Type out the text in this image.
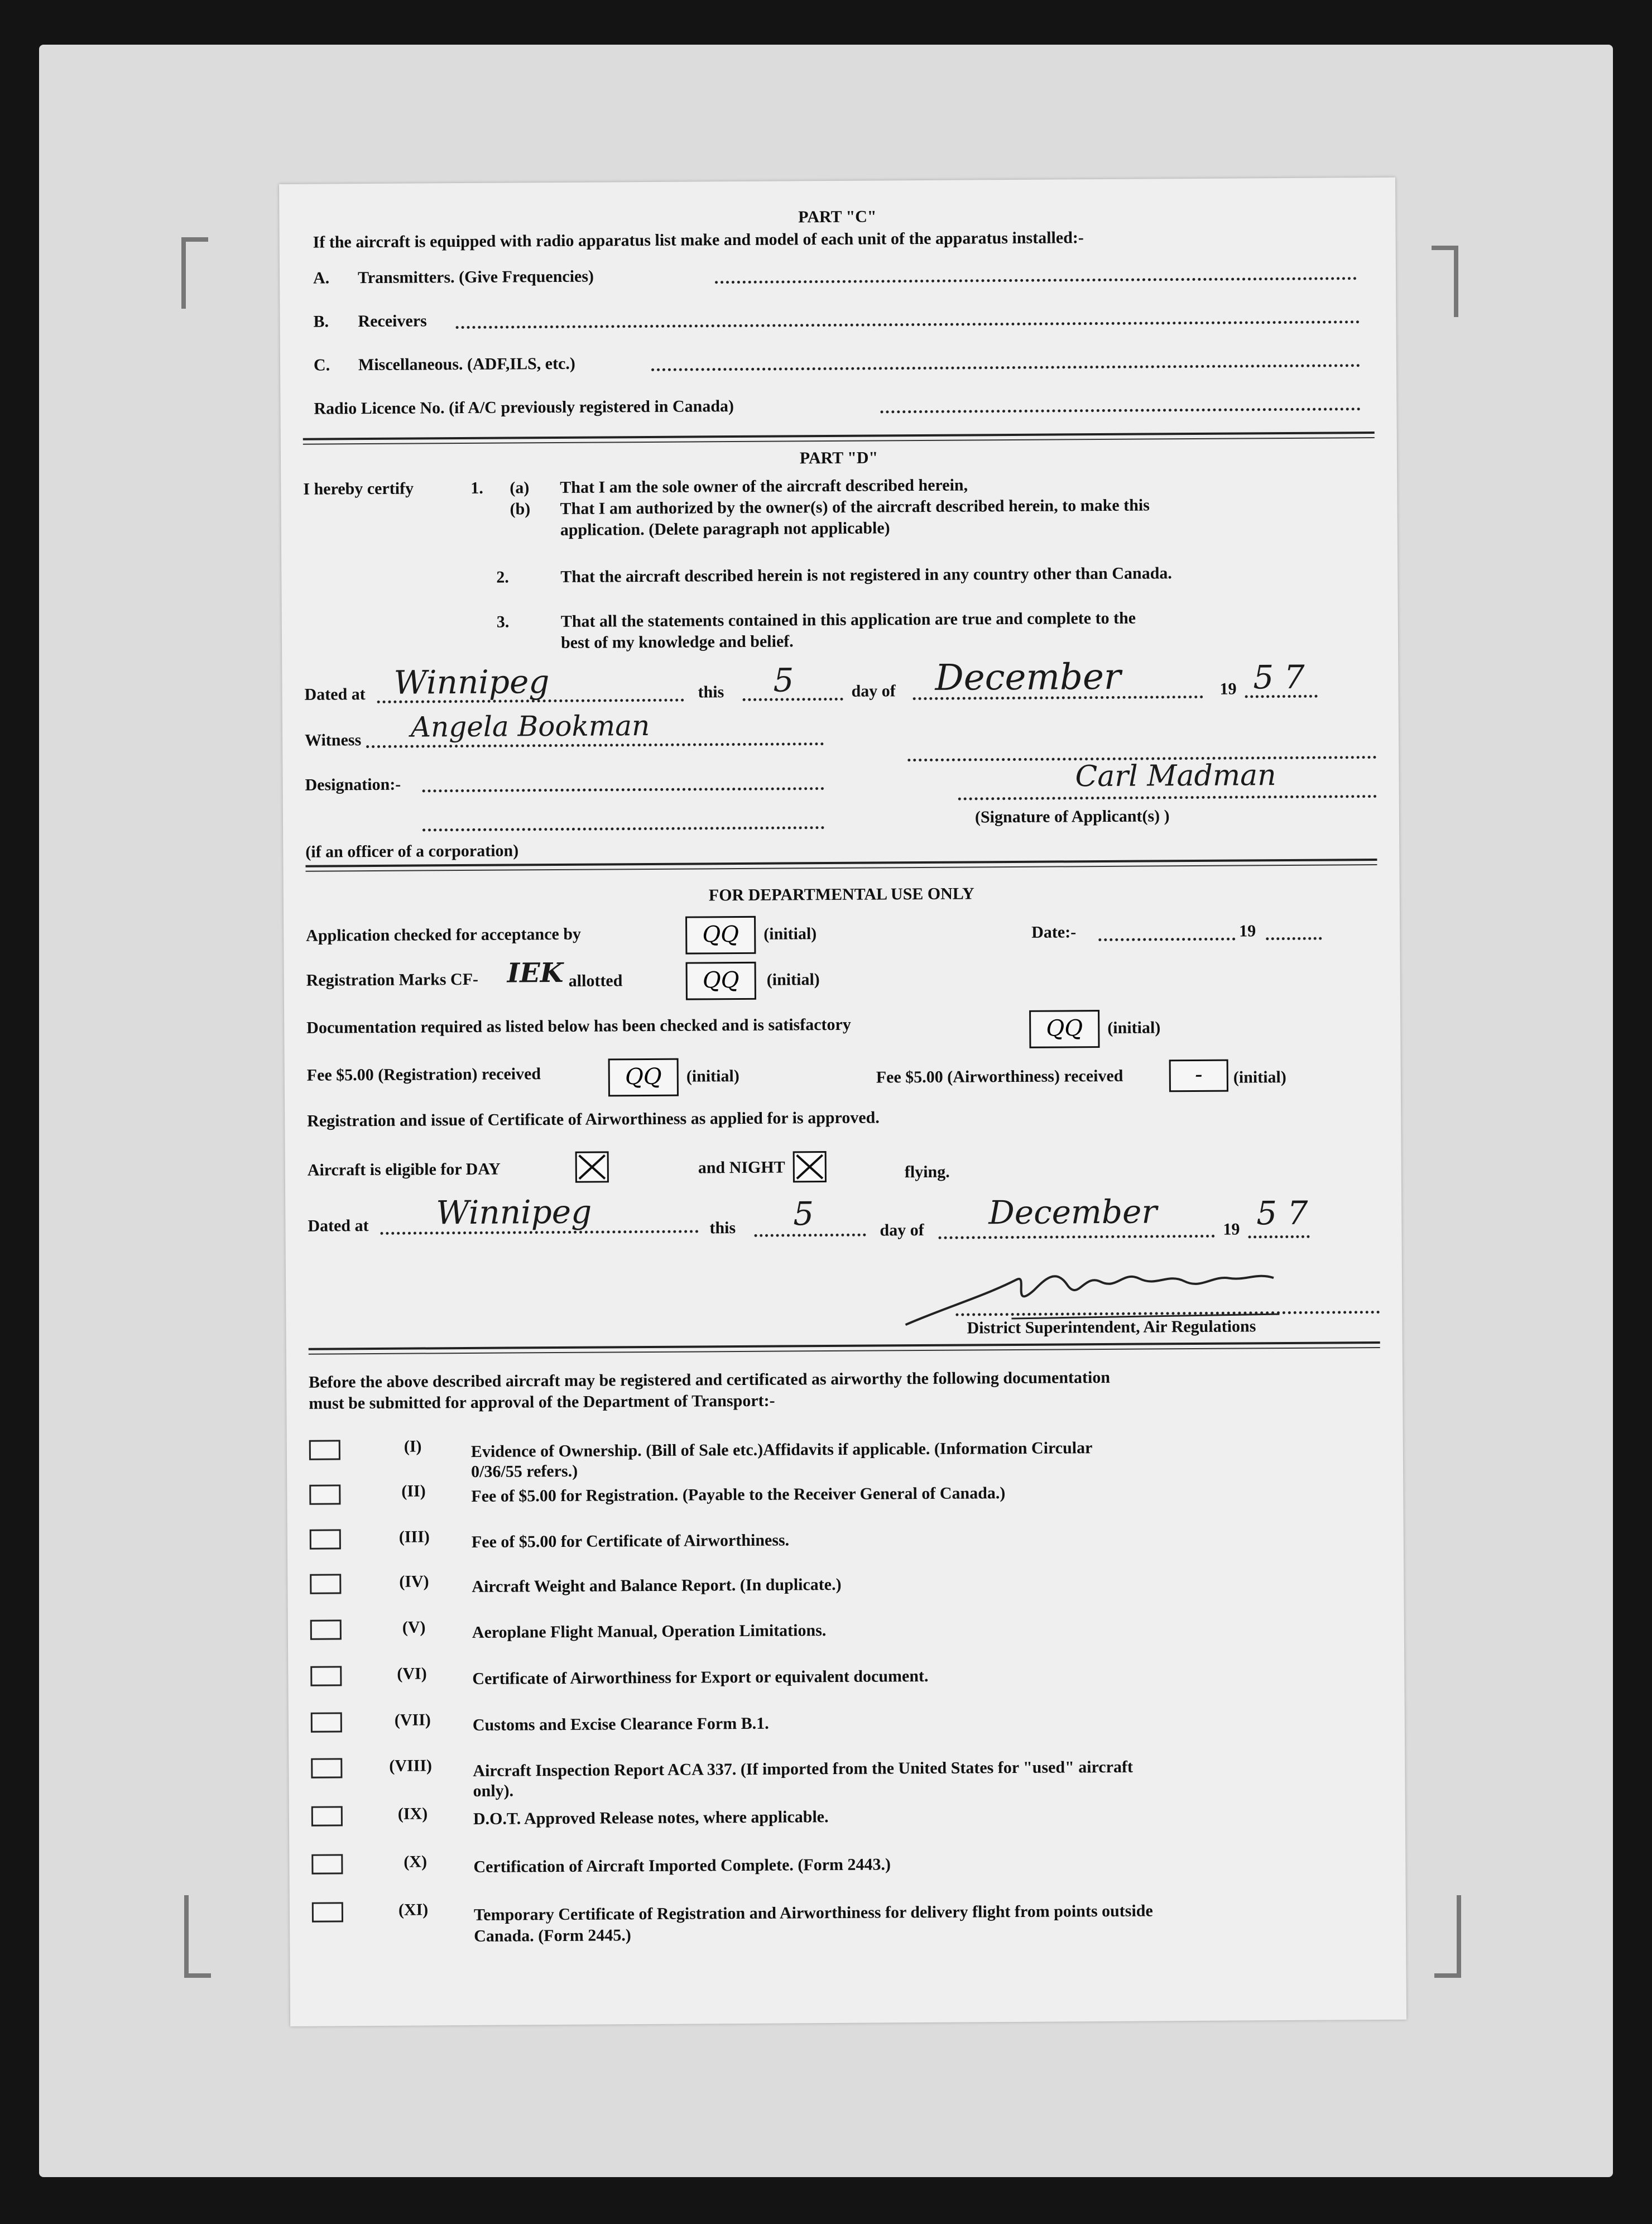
PART "C"
If the aircraft is equipped with radio apparatus list make and model of each unit of the apparatus installed:-
A. Transmitters. (Give Frequencies)
B. Receivers
C. Miscellaneous. (ADF,ILS, etc.)
Radio Licence No. (if A/C previously registered in Canada)
PART "D"
I hereby certify	1. (a) That I am the sole owner of the aircraft described herein,
(b) That I am authorized by the owner(s) of the aircraft described herein, to make this
application. (Delete paragraph not applicable)
2.	That the aircraft described herein is not registered in any country other than Canada.
3.	That all the statements contained in this application are true and complete to the
best of my knowledge and belief.
Dated at Winnipeg	this 5	day of December	19 5 7
Witness Angela Bookman
Designation:-	Carl Madman
(Signature of Applicant(s) )
(if an officer of a corporation)
FOR DEPARTMENTAL USE ONLY
Application checked for acceptance by	QQ	(initial)	Date:-	19
Registration Marks CF- IEK allotted	QQ	(initial)
Documentation required as listed below has been checked and is satisfactory	QQ	(initial)
Fee $5.00 (Registration) received	QQ	(initial)	Fee $5.00 (Airworthiness) received	-	(initial)
Registration and issue of Certificate of Airworthiness as applied for is approved.
Aircraft is eligible for DAY	and NIGHT	flying.
Dated at Winnipeg	this 5	day of December	19 5 7
District Superintendent, Air Regulations
Before the above described aircraft may be registered and certificated as airworthy the following documentation
must be submitted for approval of the Department of Transport:-
(I)	Evidence of Ownership. (Bill of Sale etc.)Affidavits if applicable. (Information Circular
0/36/55 refers.)
(II)	Fee of $5.00 for Registration. (Payable to the Receiver General of Canada.)
(III) Fee of $5.00 for Certificate of Airworthiness.
(IV)	Aircraft Weight and Balance Report. (In duplicate.)
(V)	Aeroplane Flight Manual, Operation Limitations.
(VI)	Certificate of Airworthiness for Export or equivalent document.
(VII) Customs and Excise Clearance Form B.1.
(VIII) Aircraft Inspection Report ACA 337. (If imported from the United States for "used" aircraft
only).
(IX)	D.O.T. Approved Release notes, where applicable.
(X)	Certification of Aircraft Imported Complete. (Form 2443.)
(XI)	Temporary Certificate of Registration and Airworthiness for delivery flight from points outside
Canada. (Form 2445.)
